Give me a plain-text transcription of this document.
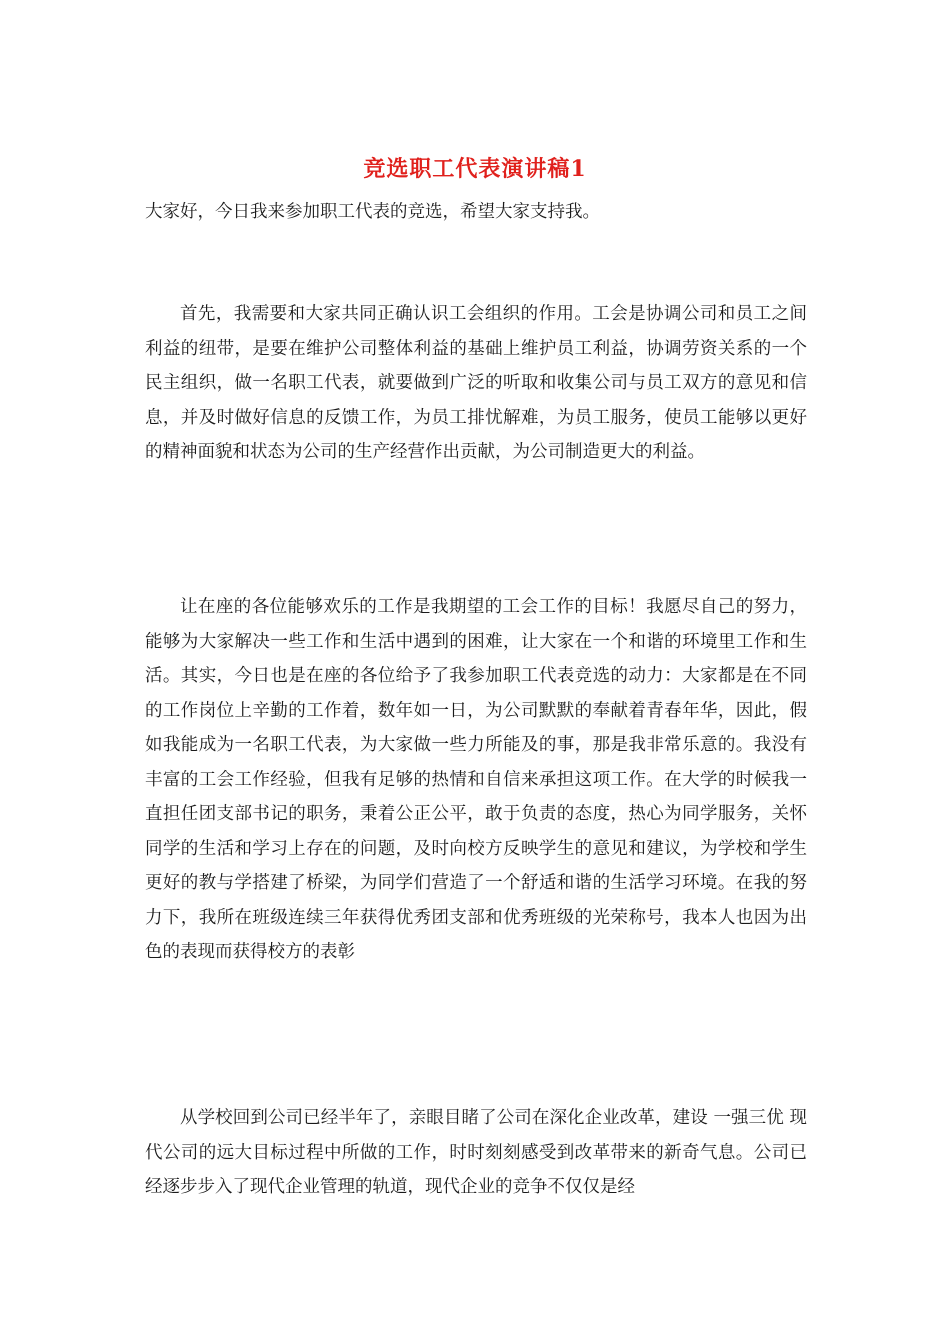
竞选职工代表演讲稿1
大家好，今日我来参加职工代表的竞选，希望大家支持我。

首先，我需要和大家共同正确认识工会组织的作用。工会是协调公司和员工之间利益的纽带，是要在维护公司整体利益的基础上维护员工利益，协调劳资关系的一个民主组织，做一名职工代表，就要做到广泛的听取和收集公司与员工双方的意见和信息，并及时做好信息的反馈工作，为员工排忧解难，为员工服务，使员工能够以更好的精神面貌和状态为公司的生产经营作出贡献，为公司制造更大的利益。

让在座的各位能够欢乐的工作是我期望的工会工作的目标！我愿尽自己的努力，能够为大家解决一些工作和生活中遇到的困难，让大家在一个和谐的环境里工作和生活。其实，今日也是在座的各位给予了我参加职工代表竞选的动力：大家都是在不同的工作岗位上辛勤的工作着，数年如一日，为公司默默的奉献着青春年华，因此，假如我能成为一名职工代表，为大家做一些力所能及的事，那是我非常乐意的。我没有丰富的工会工作经验，但我有足够的热情和自信来承担这项工作。在大学的时候我一直担任团支部书记的职务，秉着公正公平，敢于负责的态度，热心为同学服务，关怀同学的生活和学习上存在的问题，及时向校方反映学生的意见和建议，为学校和学生更好的教与学搭建了桥梁，为同学们营造了一个舒适和谐的生活学习环境。在我的努力下，我所在班级连续三年获得优秀团支部和优秀班级的光荣称号，我本人也因为出色的表现而获得校方的表彰

从学校回到公司已经半年了，亲眼目睹了公司在深化企业改革，建设 一强三优 现代公司的远大目标过程中所做的工作，时时刻刻感受到改革带来的新奇气息。公司已经逐步步入了现代企业管理的轨道，现代企业的竞争不仅仅是经
